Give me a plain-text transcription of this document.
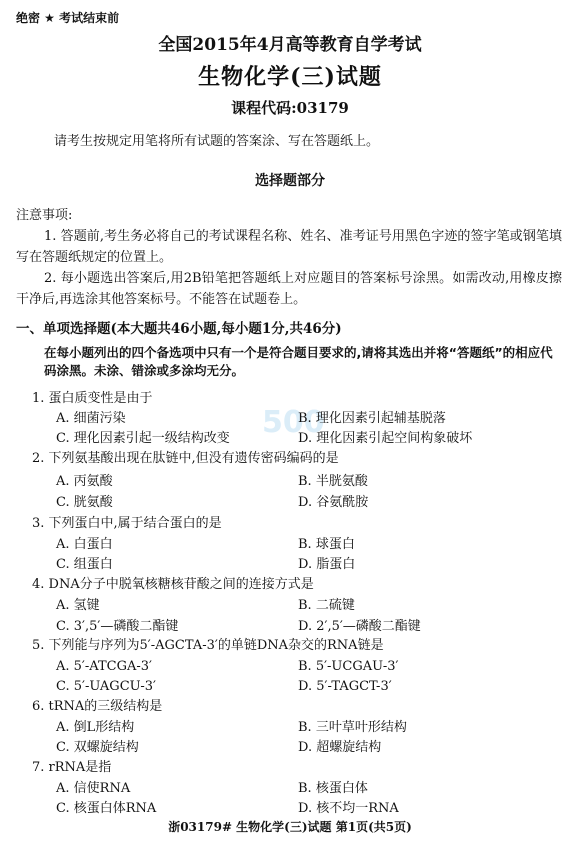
绝密 ★ 考试结束前
全国2015年4月高等教育自学考试
生物化学(三)试题
课程代码:03179
请考生按规定用笔将所有试题的答案涂、写在答题纸上。
选择题部分
注意事项:
1. 答题前,考生务必将自己的考试课程名称、姓名、准考证号用黑色字迹的签字笔或钢笔填写在答题纸规定的位置上。
2. 每小题选出答案后,用2B铅笔把答题纸上对应题目的答案标号涂黑。如需改动,用橡皮擦干净后,再选涂其他答案标号。不能答在试题卷上。
一、单项选择题(本大题共46小题,每小题1分,共46分)
在每小题列出的四个备选项中只有一个是符合题目要求的,请将其选出并将“答题纸”的相应代码涂黑。未涂、错涂或多涂均无分。
500
1. 蛋白质变性是由于
A. 细菌污染	B. 理化因素引起辅基脱落
C. 理化因素引起一级结构改变	D. 理化因素引起空间构象破坏
2. 下列氨基酸出现在肽链中,但没有遗传密码编码的是
A. 丙氨酸	B. 半胱氨酸
C. 胱氨酸	D. 谷氨酰胺
3. 下列蛋白中,属于结合蛋白的是
A. 白蛋白	B. 球蛋白
C. 组蛋白	D. 脂蛋白
4. DNA分子中脱氧核糖核苷酸之间的连接方式是
A. 氢键	B. 二硫键
C. 3′,5′—磷酸二酯键	D. 2′,5′—磷酸二酯键
5. 下列能与序列为5′-AGCTA-3′的单链DNA杂交的RNA链是
A. 5′-ATCGA-3′	B. 5′-UCGAU-3′
C. 5′-UAGCU-3′	D. 5′-TAGCT-3′
6. tRNA的三级结构是
A. 倒L形结构	B. 三叶草叶形结构
C. 双螺旋结构	D. 超螺旋结构
7. rRNA是指
A. 信使RNA	B. 核蛋白体
C. 核蛋白体RNA	D. 核不均一RNA
浙03179# 生物化学(三)试题 第1页(共5页)
